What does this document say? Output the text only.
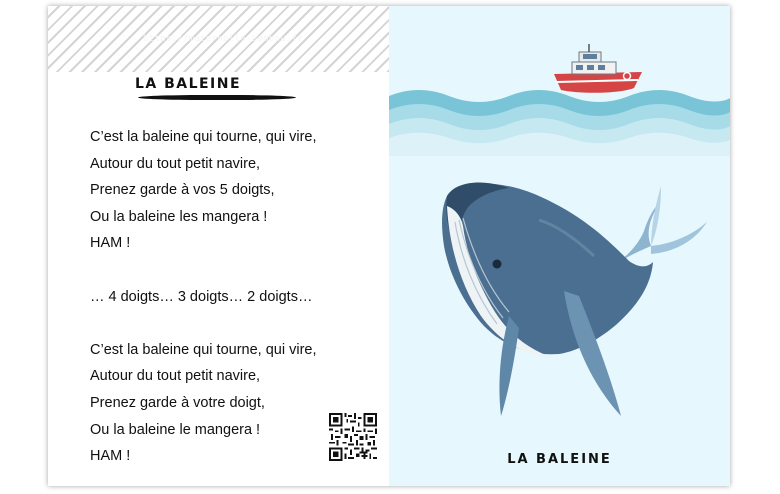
https://maternelle-bambou.fr
LA BALEINE
C’est la baleine qui tourne, qui vire,
Autour du tout petit navire,
Prenez garde à vos 5 doigts,
Ou la baleine les mangera !
HAM !
… 4 doigts… 3 doigts… 2 doigts…
C’est la baleine qui tourne, qui vire,
Autour du tout petit navire,
Prenez garde à votre doigt,
Ou la baleine le mangera !
HAM !	LA BALEINE
